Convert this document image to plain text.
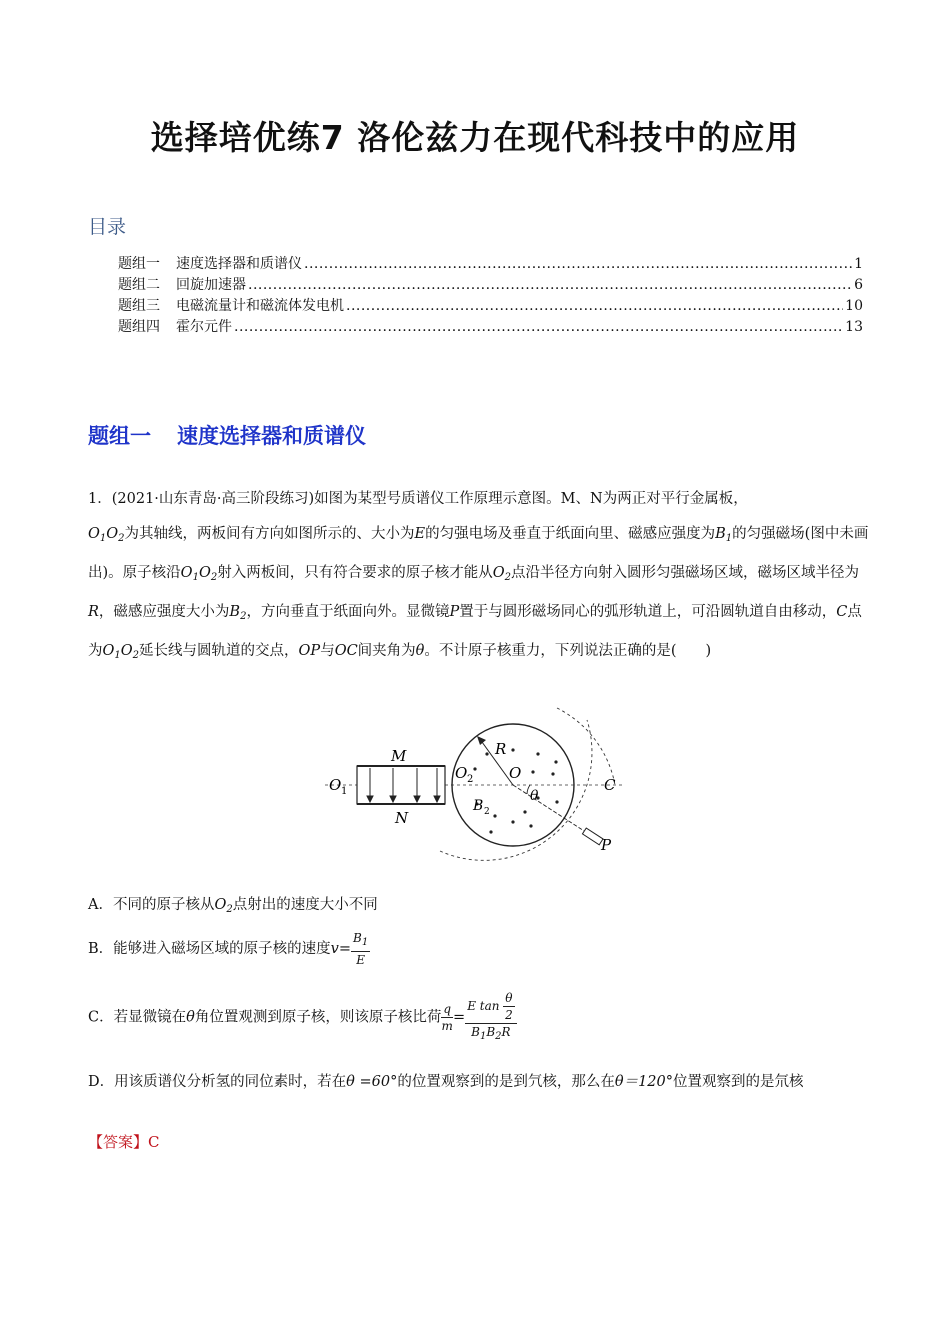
选择培优练7 洛伦兹力在现代科技中的应用
目录
题组一 速度选择器和质谱仪 .....	1
题组二 回旋加速器 .....	6
题组三 电磁流量计和磁流体发电机 .....	10
题组四 霍尔元件 .....	13
题组一 速度选择器和质谱仪

1．(2021·山东青岛·高三阶段练习)如图为某型号质谱仪工作原理示意图。M、N为两正对平行金属板，
$O_1O_2$为其轴线，两板间有方向如图所示的、大小为E的匀强电场及垂直于纸面向里、磁感应强度为$B_1$的匀强磁场(图中未画出)。原子核沿$O_1O_2$射入两板间，只有符合要求的原子核才能从$O_2$点沿半径方向射入圆形匀强磁场区域，磁场区域半径为R，磁感应强度大小为$B_2$，方向垂直于纸面向外。显微镜P置于与圆形磁场同心的弧形轨道上，可沿圆轨道自由移动，C点为$O_1O_2$延长线与圆轨道的交点，OP与OC间夹角为θ。不计原子核重力，下列说法正确的是(　　)

M
N
O 1
O 2 O
R
C
B 2
θ
P
A．不同的原子核从$O_2$点射出的速度大小不同
B．能够进入磁场区域的原子核的速度$v= \frac{B_1}{E}$
C．若显微镜在θ角位置观测到原子核，则该原子核比荷 $\frac{q}{m} = \frac{E \tan \frac{\theta}{2}}{B_1B_2R}$
D．用该质谱仪分析氢的同位素时，若在θ =60°的位置观察到的是到氕核，那么在θ＝120°位置观察到的是氘核
【答案】C
